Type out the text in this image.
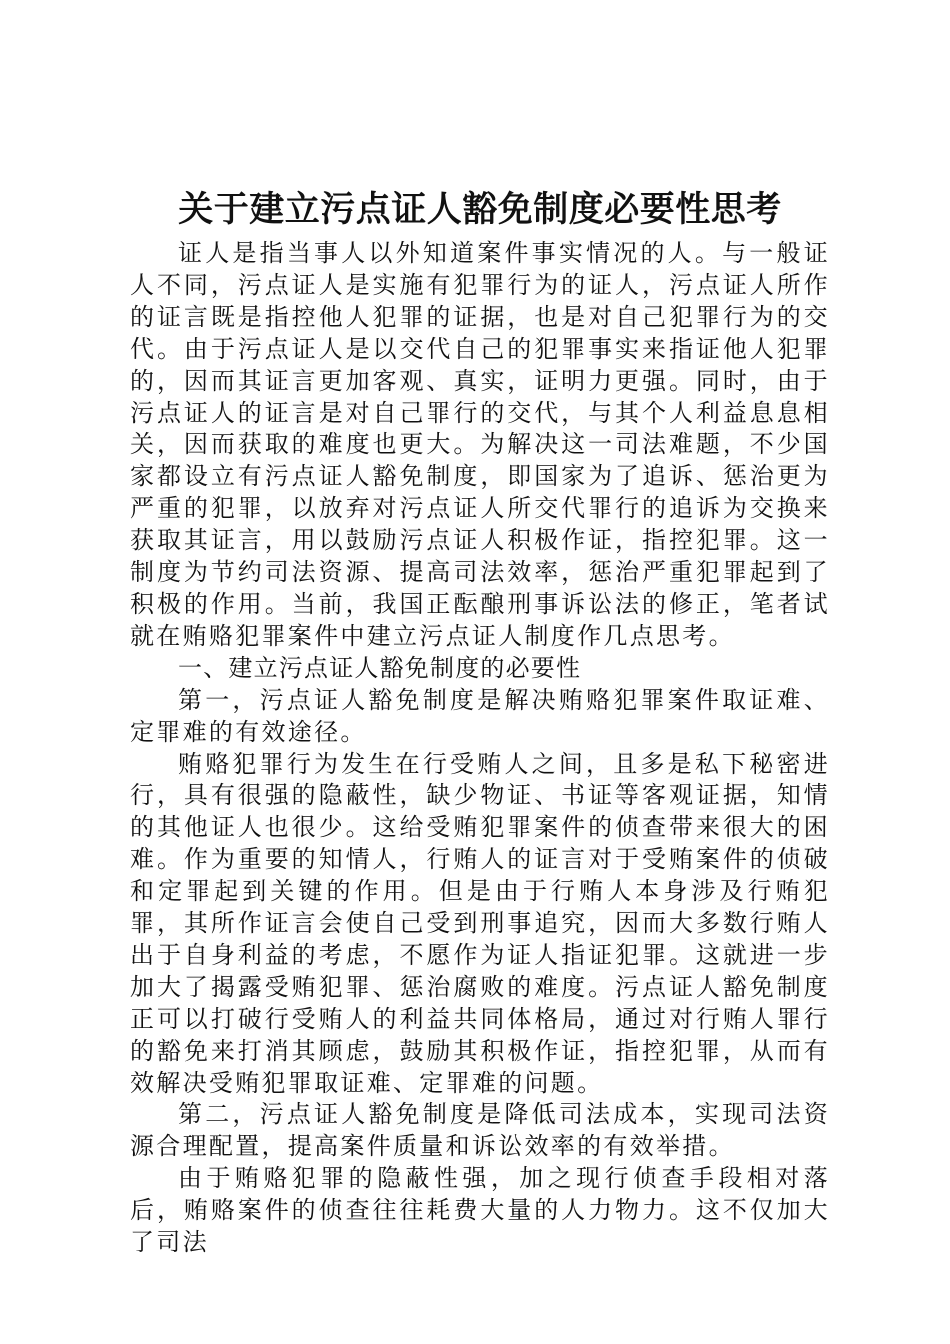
关于建立污点证人豁免制度必要性思考

证人是指当事人以外知道案件事实情况的人。与一般证人不同，污点证人是实施有犯罪行为的证人，污点证人所作的证言既是指控他人犯罪的证据，也是对自己犯罪行为的交代。由于污点证人是以交代自己的犯罪事实来指证他人犯罪的，因而其证言更加客观、真实，证明力更强。同时，由于污点证人的证言是对自己罪行的交代，与其个人利益息息相关，因而获取的难度也更大。为解决这一司法难题，不少国家都设立有污点证人豁免制度，即国家为了追诉、惩治更为严重的犯罪，以放弃对污点证人所交代罪行的追诉为交换来获取其证言，用以鼓励污点证人积极作证，指控犯罪。这一制度为节约司法资源、提高司法效率，惩治严重犯罪起到了积极的作用。当前，我国正酝酿刑事诉讼法的修正，笔者试就在贿赂犯罪案件中建立污点证人制度作几点思考。

一、建立污点证人豁免制度的必要性

第一，污点证人豁免制度是解决贿赂犯罪案件取证难、定罪难的有效途径。

贿赂犯罪行为发生在行受贿人之间，且多是私下秘密进行，具有很强的隐蔽性，缺少物证、书证等客观证据，知情的其他证人也很少。这给受贿犯罪案件的侦查带来很大的困难。作为重要的知情人，行贿人的证言对于受贿案件的侦破和定罪起到关键的作用。但是由于行贿人本身涉及行贿犯罪，其所作证言会使自己受到刑事追究，因而大多数行贿人出于自身利益的考虑，不愿作为证人指证犯罪。这就进一步加大了揭露受贿犯罪、惩治腐败的难度。污点证人豁免制度正可以打破行受贿人的利益共同体格局，通过对行贿人罪行的豁免来打消其顾虑，鼓励其积极作证，指控犯罪，从而有效解决受贿犯罪取证难、定罪难的问题。

第二，污点证人豁免制度是降低司法成本，实现司法资源合理配置，提高案件质量和诉讼效率的有效举措。

由于贿赂犯罪的隐蔽性强，加之现行侦查手段相对落后，贿赂案件的侦查往往耗费大量的人力物力。这不仅加大了司法
